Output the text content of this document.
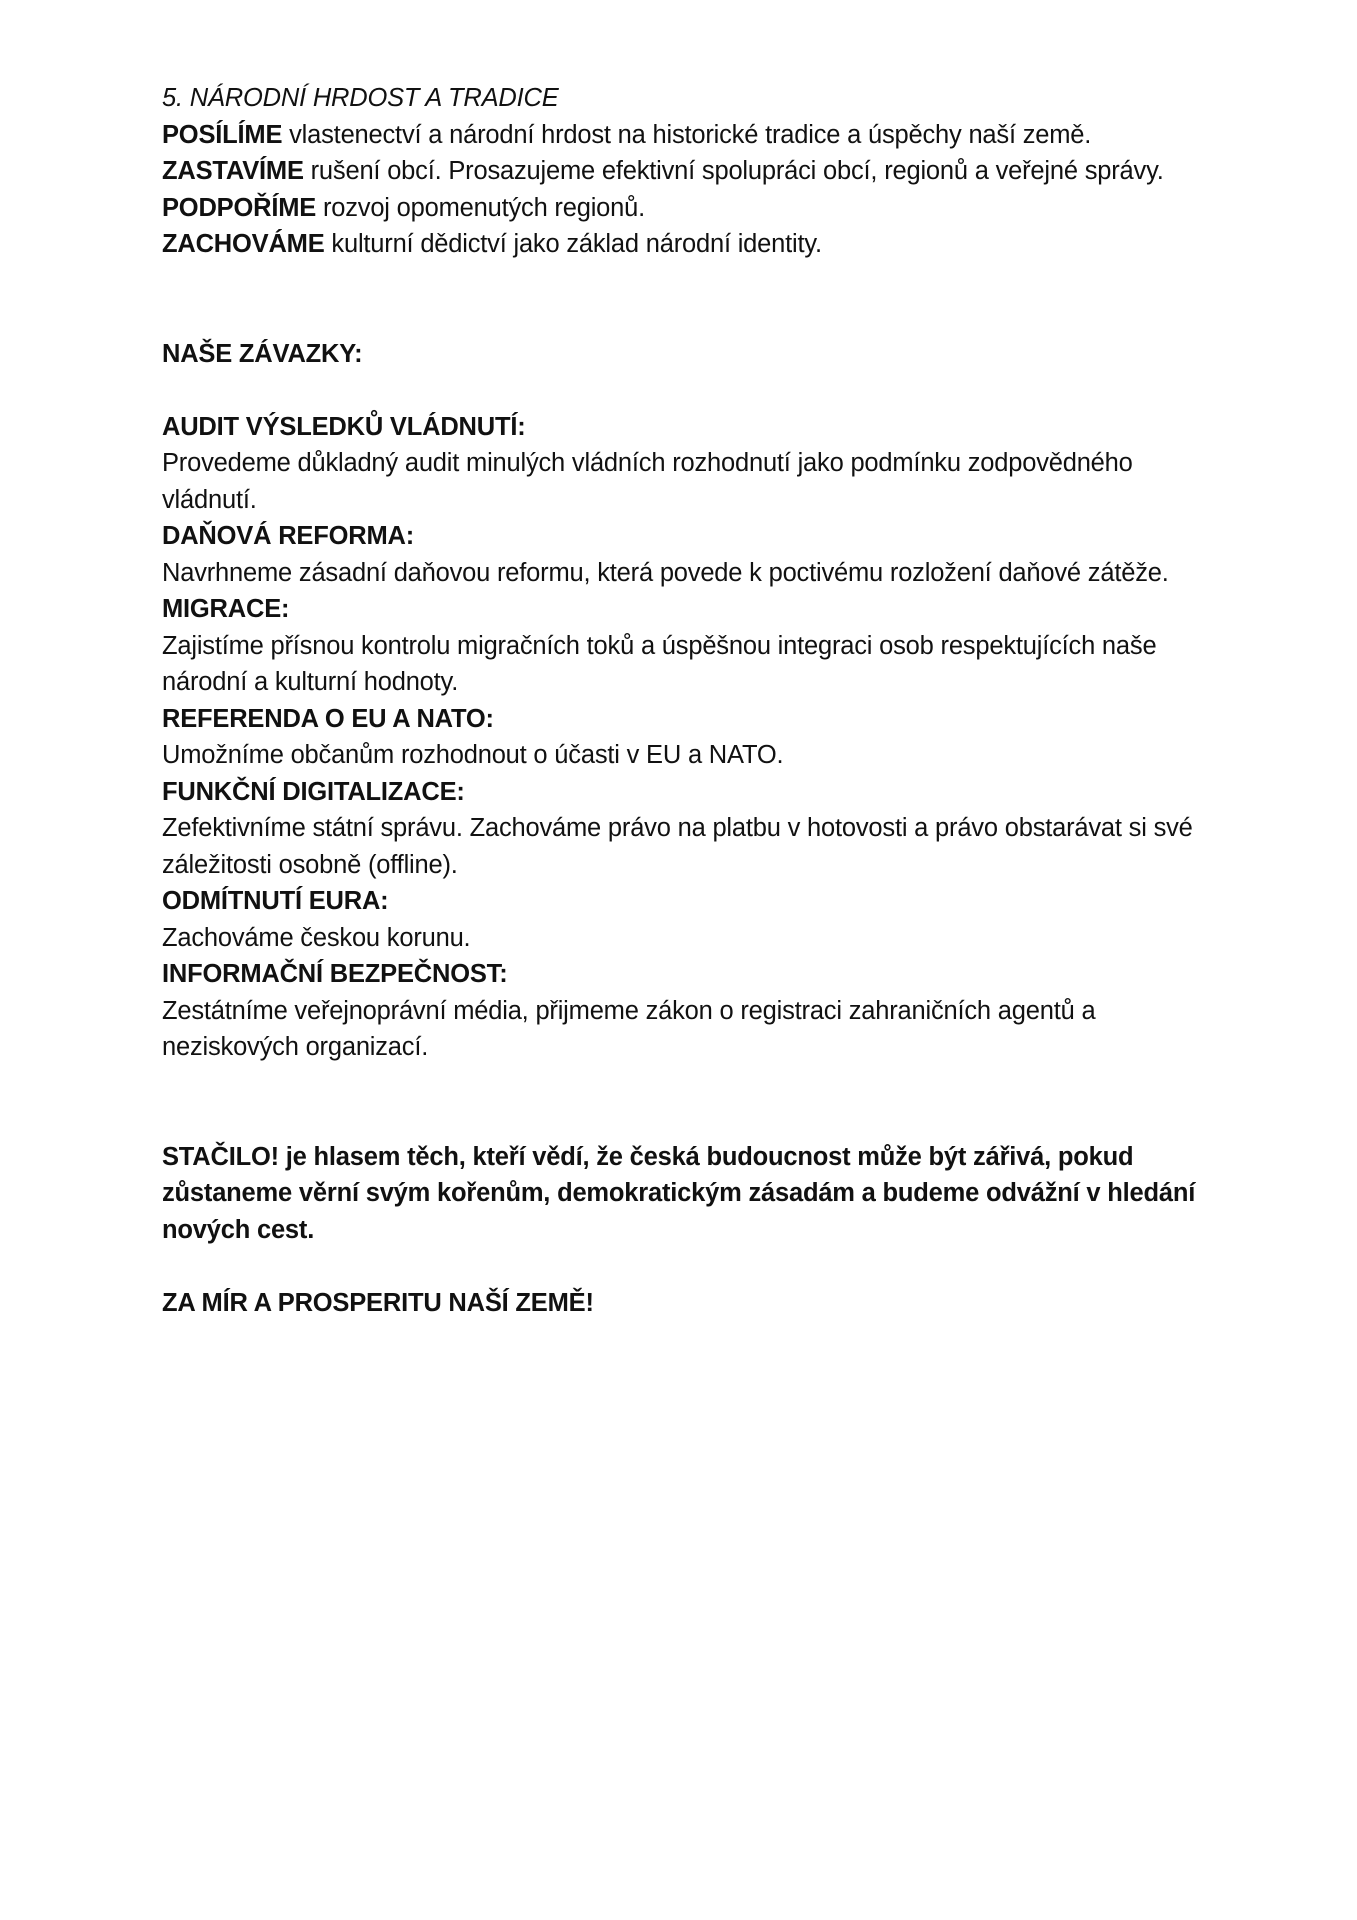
5. NÁRODNÍ HRDOST A TRADICE

POSÍLÍME vlastenectví a národní hrdost na historické tradice a úspěchy naší země.

ZASTAVÍME rušení obcí. Prosazujeme efektivní spolupráci obcí, regionů a veřejné správy. PODPOŘÍME rozvoj opomenutých regionů.

ZACHOVÁME kulturní dědictví jako základ národní identity.

NAŠE ZÁVAZKY:

AUDIT VÝSLEDKŮ VLÁDNUTÍ:

Provedeme důkladný audit minulých vládních rozhodnutí jako podmínku zodpovědného vládnutí.

DAŇOVÁ REFORMA:

Navrhneme zásadní daňovou reformu, která povede k poctivému rozložení daňové zátěže.

MIGRACE:

Zajistíme přísnou kontrolu migračních toků a úspěšnou integraci osob respektujících naše národní a kulturní hodnoty.

REFERENDA O EU A NATO:

Umožníme občanům rozhodnout o účasti v EU a NATO.

FUNKČNÍ DIGITALIZACE:

Zefektivníme státní správu. Zachováme právo na platbu v hotovosti a právo obstarávat si své záležitosti osobně (offline).

ODMÍTNUTÍ EURA:

Zachováme českou korunu.

INFORMAČNÍ BEZPEČNOST:

Zestátníme veřejnoprávní média, přijmeme zákon o registraci zahraničních agentů a neziskových organizací.

STAČILO! je hlasem těch, kteří vědí, že česká budoucnost může být zářivá, pokud zůstaneme věrní svým kořenům, demokratickým zásadám a budeme odvážní v hledání nových cest.

ZA MÍR A PROSPERITU NAŠÍ ZEMĚ!
